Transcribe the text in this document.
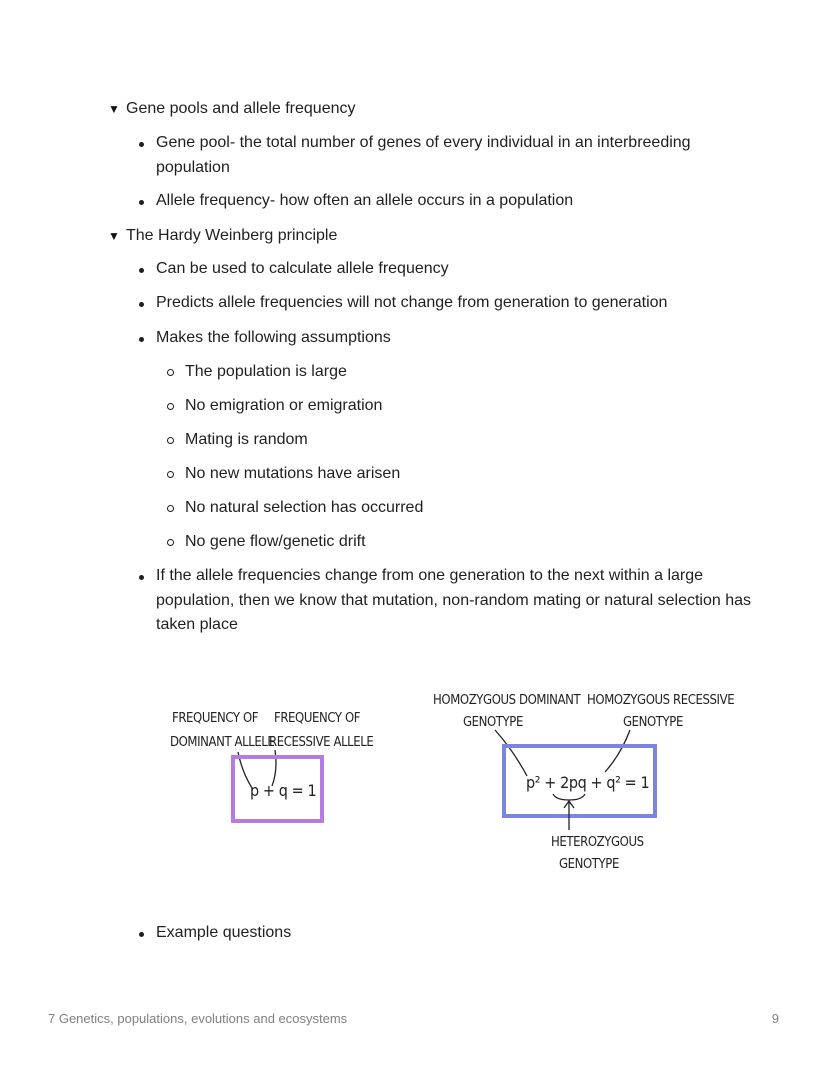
▼ Gene pools and allele frequency
Gene pool- the total number of genes of every individual in an interbreeding population
Allele frequency- how often an allele occurs in a population
▼ The Hardy Weinberg principle
Can be used to calculate allele frequency
Predicts allele frequencies will not change from generation to generation
Makes the following assumptions
The population is large
No emigration or emigration
Mating is random
No new mutations have arisen
No natural selection has occurred
No gene flow/genetic drift
If the allele frequencies change from one generation to the next within a large population, then we know that mutation, non-random mating or natural selection has taken place
FREQUENCY OF
DOMINANT ALLELE
FREQUENCY OF
RECESSIVE ALLELE
p + q = 1
HOMOZYGOUS DOMINANT
GENOTYPE
HOMOZYGOUS RECESSIVE
GENOTYPE
p² + 2pq + q² = 1
HETEROZYGOUS
GENOTYPE
Example questions
7 Genetics, populations, evolutions and ecosystems	9
